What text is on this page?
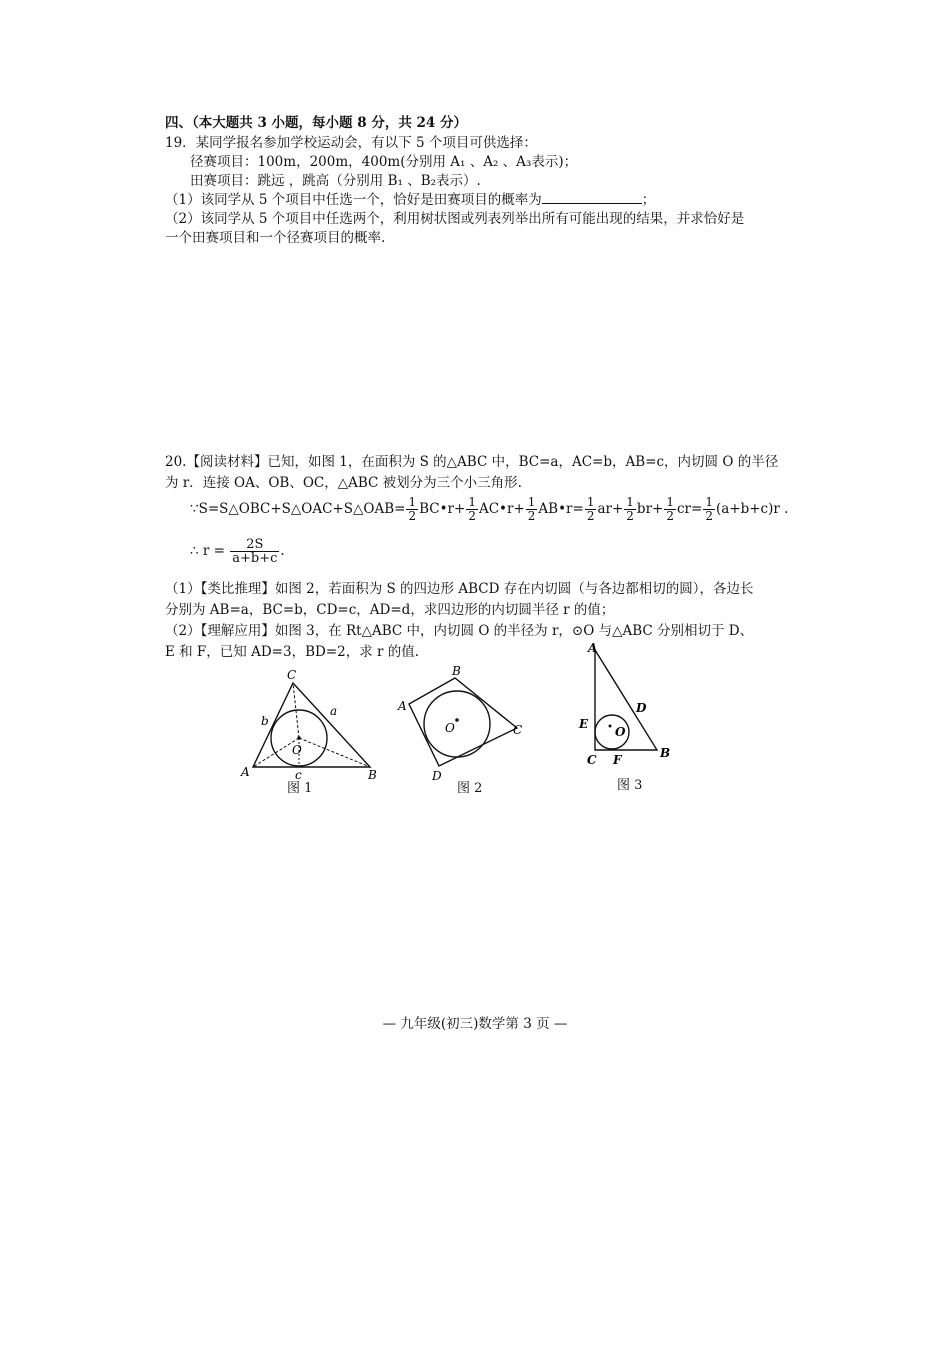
四、（本大题共 3 小题，每小题 8 分，共 24 分）
19．某同学报名参加学校运动会，有以下 5 个项目可供选择：
径赛项目：100m，200m，400m(分别用 A₁ 、A₂ 、A₃表示)；
田赛项目：跳远 ，跳高（分别用 B₁ 、B₂表示）.
（1）该同学从 5 个项目中任选一个，恰好是田赛项目的概率为	；
（2）该同学从 5 个项目中任选两个，利用树状图或列表列举出所有可能出现的结果，并求恰好是
一个田赛项目和一个径赛项目的概率.
20.【阅读材料】已知，如图 1，在面积为 S 的△ABC 中，BC=a，AC=b，AB=c，内切圆 O 的半径
为 r．连接 OA、OB、OC，△ABC 被划分为三个小三角形.
∵S=S△OBC+S△OAC+S△OAB= $\frac{1}{2}$ BC•r+ $\frac{1}{2}$ AC•r+ $\frac{1}{2}$ AB•r= $\frac{1}{2} ar+ \frac{1}{2} br+ \frac{1}{2} cr= \frac{1}{2} (a+b+c)r$ .
∴ $r = \frac{2S}{a+b+c}$ .
（1）【类比推理】如图 2，若面积为 S 的四边形 ABCD 存在内切圆（与各边都相切的圆），各边长
分别为 AB=a，BC=b，CD=c，AD=d，求四边形的内切圆半径 r 的值；
（2）【理解应用】如图 3，在 Rt△ABC 中，内切圆 O 的半径为 r，⊙O 与△ABC 分别相切于 D、
E 和 F，已知 AD=3，BD=2，求 r 的值.
A	B
C
O
a
b
c
图 1
A
B
C
D
O
图 2
A
B
C
D
E
F
O
图 3
— 九年级(初三)数学第 3 页 —
